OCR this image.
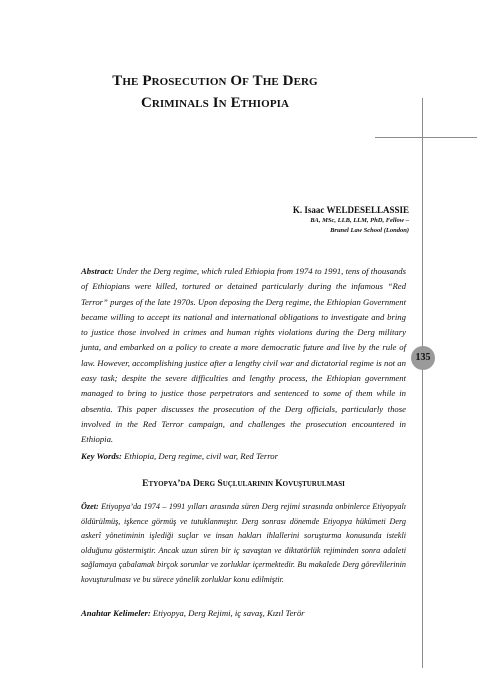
The Prosecution Of The Derg
Criminals In Ethiopia
135
K. Isaac WELDESELLASSIE
BA, MSc, LLB, LLM, PhD, Fellow –
Brunel Law School (London)

Abstract: Under the Derg regime, which ruled Ethiopia from 1974 to 1991, tens of thousands of Ethiopians were killed, tortured or detained particularly during the infamous “Red Terror” purges of the late 1970s. Upon deposing the Derg regime, the Ethiopian Government became willing to accept its national and international obligations to investigate and bring to justice those involved in crimes and human rights violations during the Derg military junta, and embarked on a policy to create a more democratic future and live by the rule of law. However, accomplishing justice after a lengthy civil war and dictatorial regime is not an easy task; despite the severe difficulties and lengthy process, the Ethiopian government managed to bring to justice those perpetrators and sentenced to some of them while in absentia. This paper discusses the prosecution of the Derg officials, particularly those involved in the Red Terror campaign, and challenges the prosecution encountered in Ethiopia.

Key Words: Ethiopia, Derg regime, civil war, Red Terror

Etyopya’da Derg Suçlularının Kovuşturulması

Özet: Etiyopya’da 1974 – 1991 yılları arasında süren Derg rejimi sırasında onbinlerce Etiyopyalı öldürülmüş, işkence görmüş ve tutuklanmıştır. Derg sonrası dönemde Etiyopya hükümeti Derg askerî yönetiminin işlediği suçlar ve insan hakları ihlallerini soruşturma konusunda istekli olduğunu göstermiştir. Ancak uzun süren bir iç savaştan ve diktatörlük rejiminden sonra adaleti sağlamaya çabalamak birçok sorunlar ve zorluklar içermektedir. Bu makalede Derg görevlilerinin kovuşturulması ve bu sürece yönelik zorluklar konu edilmiştir.

Anahtar Kelimeler: Etiyopya, Derg Rejimi, iç savaş, Kızıl Terör
